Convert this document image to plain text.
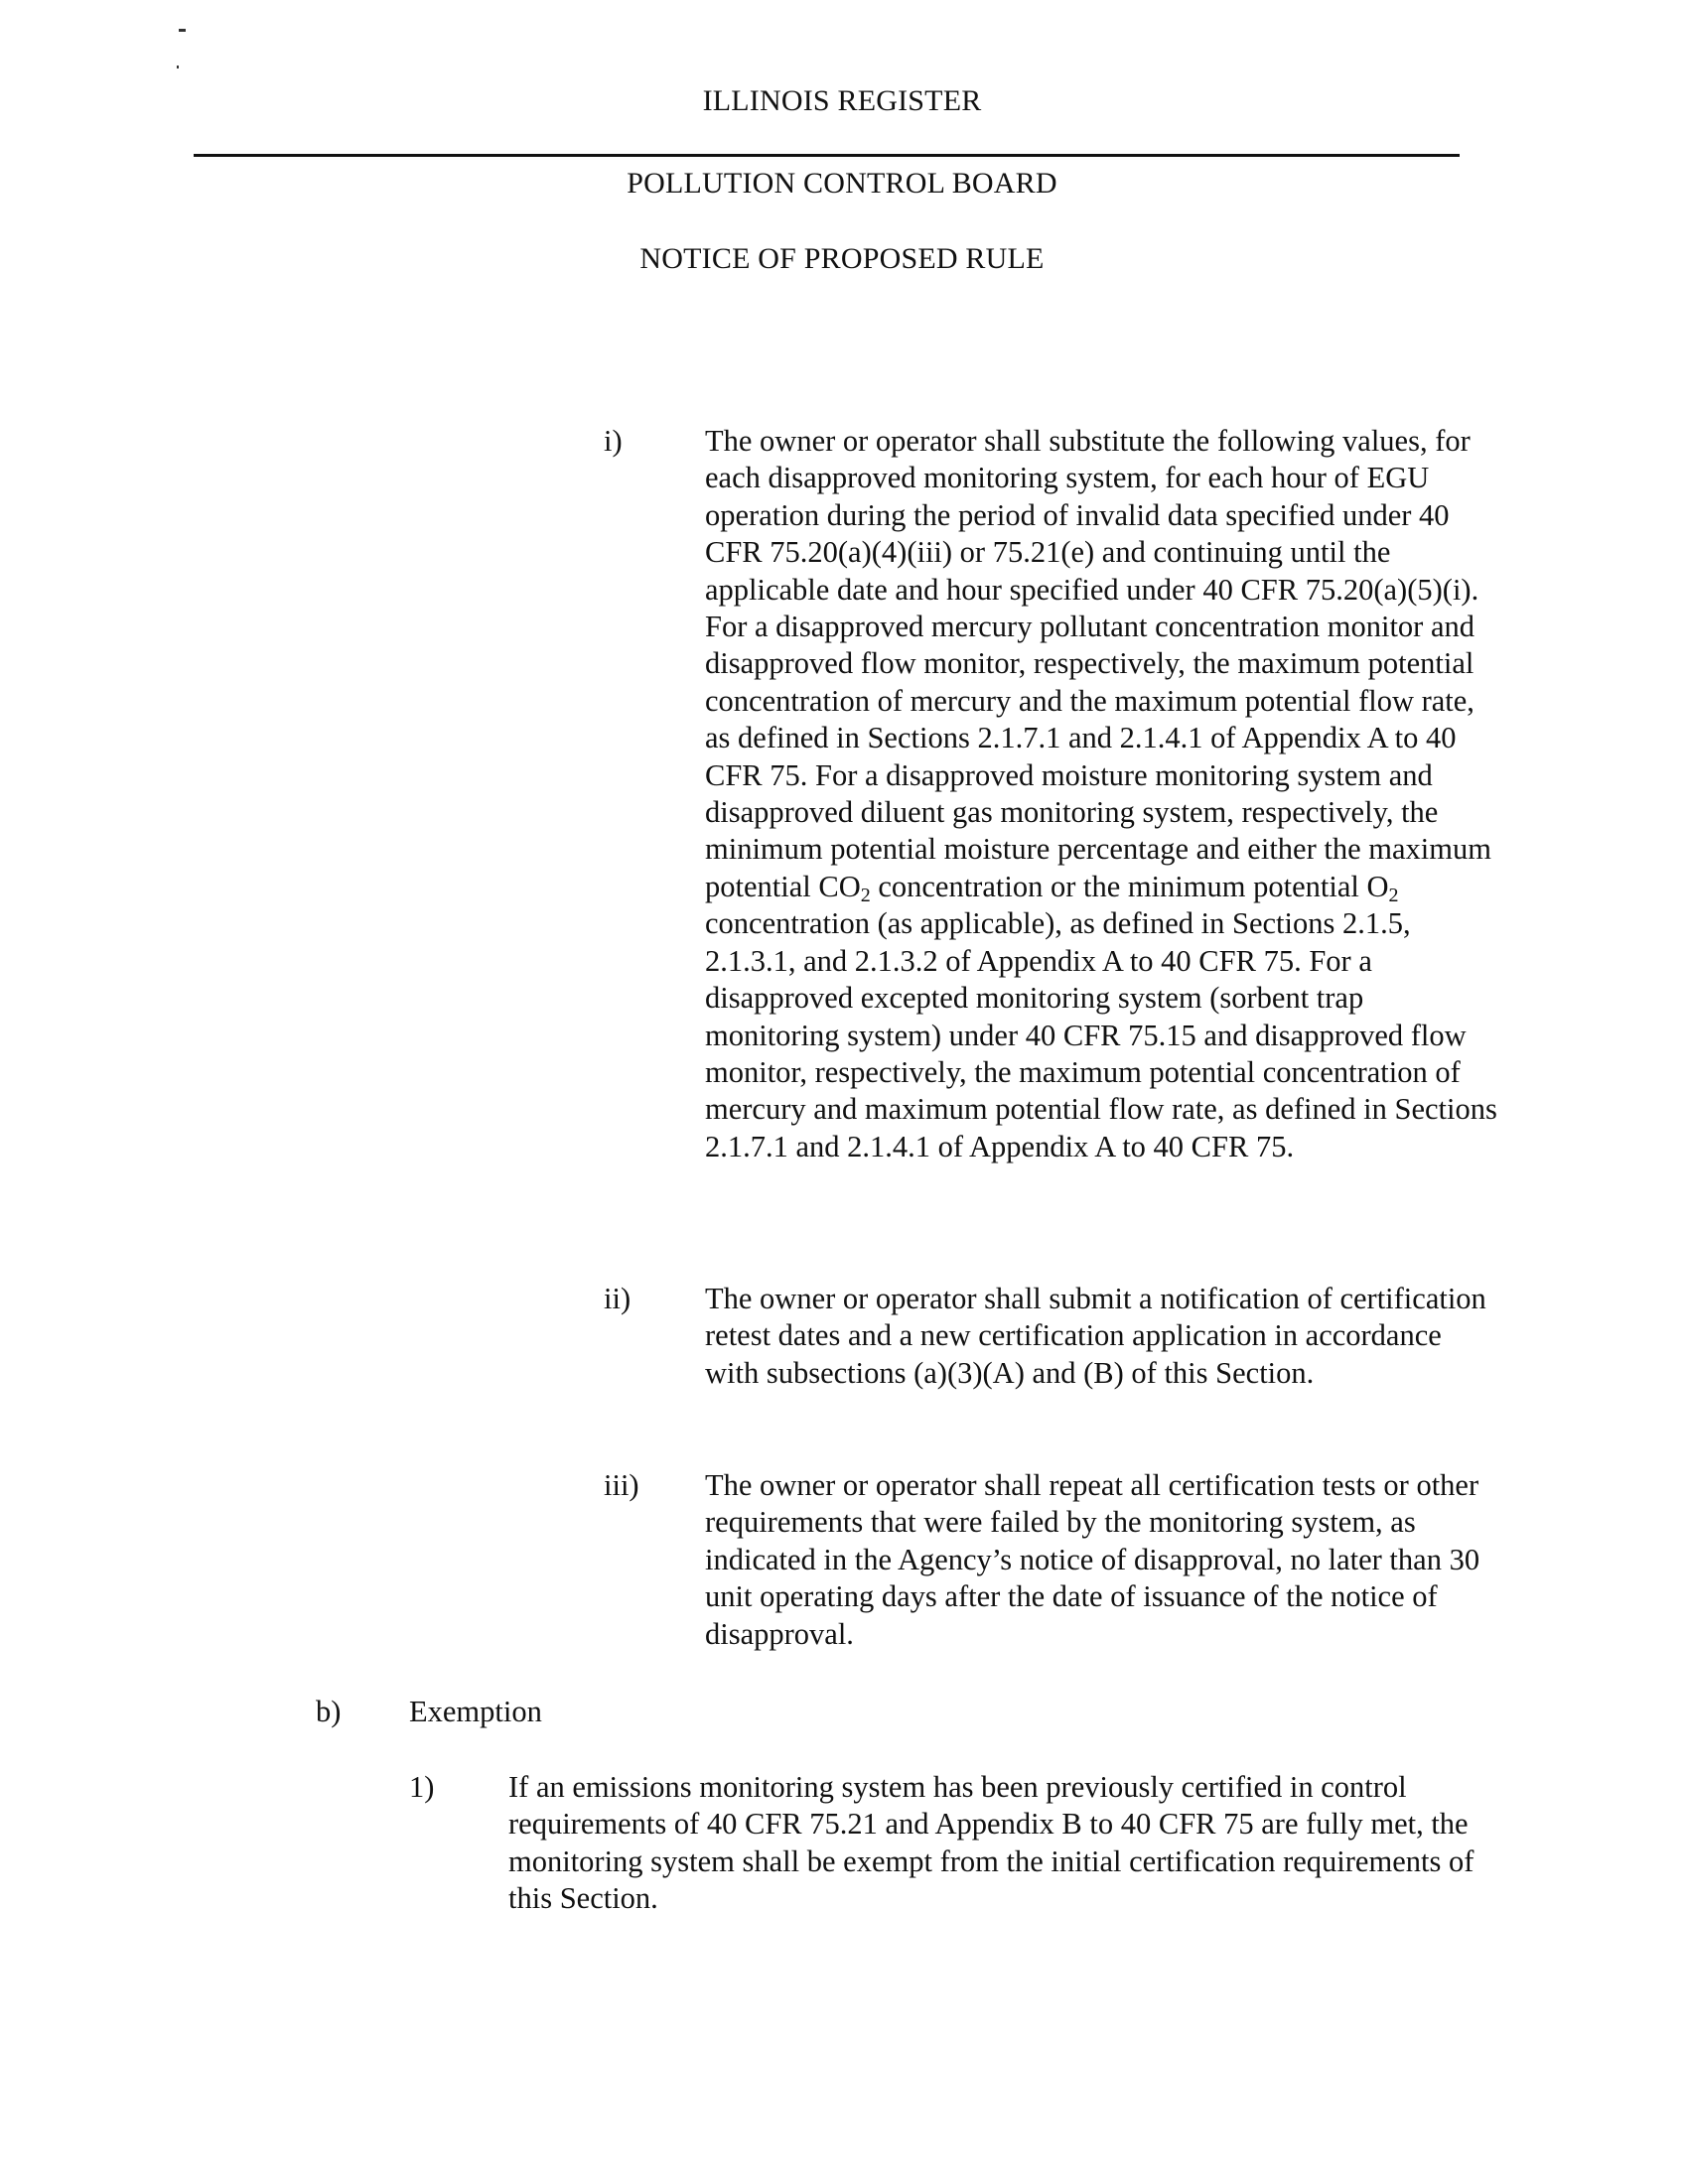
ILLINOIS REGISTER
POLLUTION CONTROL BOARD
NOTICE OF PROPOSED RULE
i)	The owner or operator shall substitute the following values, for each disapproved monitoring system, for each hour of EGU operation during the period of invalid data specified under 40 CFR 75.20(a)(4)(iii) or 75.21(e) and continuing until the applicable date and hour specified under 40 CFR 75.20(a)(5)(i). For a disapproved mercury pollutant concentration monitor and disapproved flow monitor, respectively, the maximum potential concentration of mercury and the maximum potential flow rate, as defined in Sections 2.1.7.1 and 2.1.4.1 of Appendix A to 40 CFR 75. For a disapproved moisture monitoring system and disapproved diluent gas monitoring system, respectively, the minimum potential moisture percentage and either the maximum potential $CO_2$ concentration or the minimum potential $O_2$ concentration (as applicable), as defined in Sections 2.1.5, 2.1.3.1, and 2.1.3.2 of Appendix A to 40 CFR 75. For a disapproved excepted monitoring system (sorbent trap monitoring system) under 40 CFR 75.15 and disapproved flow monitor, respectively, the maximum potential concentration of mercury and maximum potential flow rate, as defined in Sections 2.1.7.1 and 2.1.4.1 of Appendix A to 40 CFR 75.
ii) The owner or operator shall submit a notification of certification retest dates and a new certification application in accordance with subsections (a)(3)(A) and (B) of this Section.
iii) The owner or operator shall repeat all certification tests or other requirements that were failed by the monitoring system, as indicated in the Agency’s notice of disapproval, no later than 30 unit operating days after the date of issuance of the notice of disapproval.
b) Exemption
1) If an emissions monitoring system has been previously certified in control requirements of 40 CFR 75.21 and Appendix B to 40 CFR 75 are fully met, the monitoring system shall be exempt from the initial certification requirements of this Section.
